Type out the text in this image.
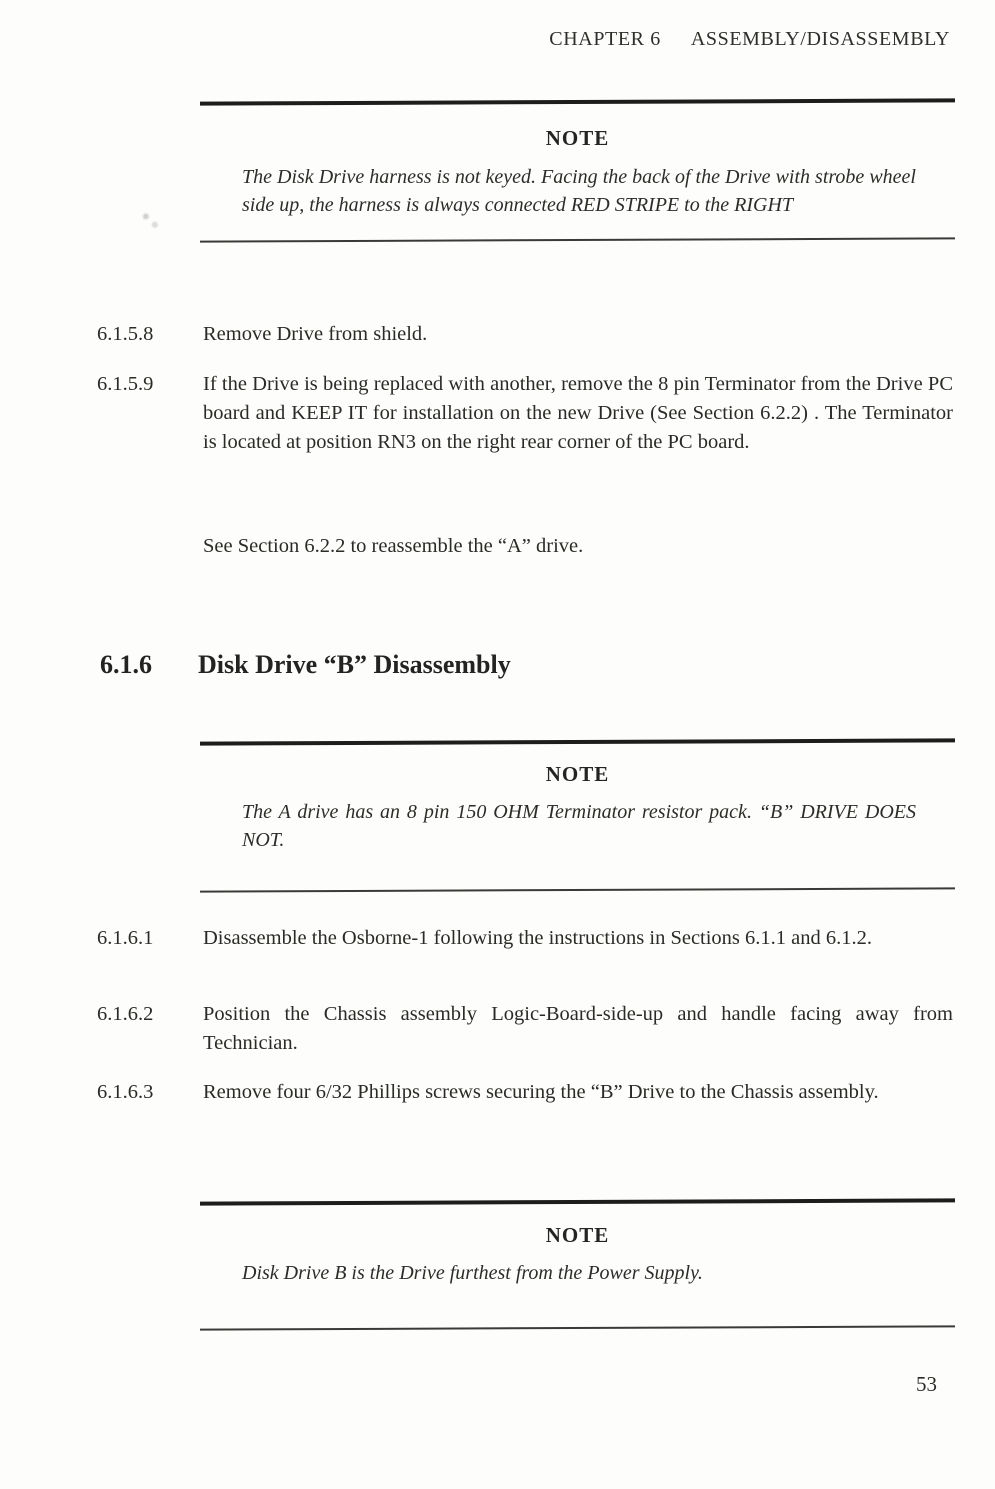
CHAPTER 6 ASSEMBLY/DISASSEMBLY
NOTE
The Disk Drive harness is not keyed. Facing the back of the Drive with strobe wheel side up, the harness is always connected RED STRIPE to the RIGHT
6.1.5.8	Remove Drive from shield.
6.1.5.9	If the Drive is being replaced with another, remove the 8 pin Terminator from the Drive PC board and KEEP IT for installation on the new Drive (See Section 6.2.2) . The Terminator is located at position RN3 on the right rear corner of the PC board.
See Section 6.2.2 to reassemble the “A” drive.
6.1.6 Disk Drive “B” Disassembly
NOTE
The A drive has an 8 pin 150 OHM Terminator resistor pack. “B” DRIVE DOES NOT.
6.1.6.1	Disassemble the Osborne-1 following the instructions in Sections 6.1.1 and 6.1.2.
6.1.6.2	Position the Chassis assembly Logic-Board-side-up and handle facing away from Technician.
6.1.6.3	Remove four 6/32 Phillips screws securing the “B” Drive to the Chassis assembly.
NOTE
Disk Drive B is the Drive furthest from the Power Supply.
53
